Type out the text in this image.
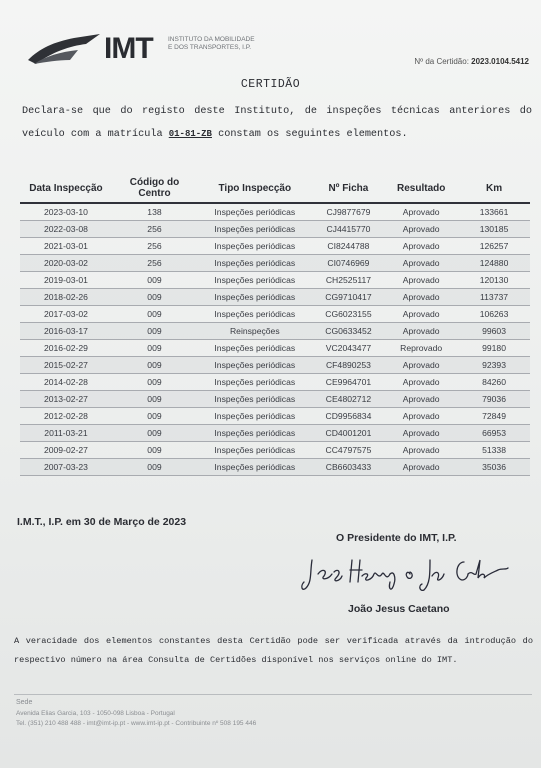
IMT INSTITUTO DA MOBILIDADE E DOS TRANSPORTES, I.P.
Nº da Certidão: 2023.0104.5412
CERTIDÃO
Declara-se que do registo deste Instituto, de inspeções técnicas anteriores do veículo com a matrícula 01-81-ZB constam os seguintes elementos.
Data Inspecção	Código do Centro	Tipo Inspecção	Nº Ficha	Resultado	Km
2023-03-10	138	Inspeções periódicas	CJ9877679	Aprovado	133661
2022-03-08	256	Inspeções periódicas	CJ4415770	Aprovado	130185
2021-03-01	256	Inspeções periódicas	CI8244788	Aprovado	126257
2020-03-02	256	Inspeções periódicas	CI0746969	Aprovado	124880
2019-03-01	009	Inspeções periódicas	CH2525117	Aprovado	120130
2018-02-26	009	Inspeções periódicas	CG9710417	Aprovado	113737
2017-03-02	009	Inspeções periódicas	CG6023155	Aprovado	106263
2016-03-17	009	Reinspeções	CG0633452	Aprovado	99603
2016-02-29	009	Inspeções periódicas	VC2043477	Reprovado	99180
2015-02-27	009	Inspeções periódicas	CF4890253	Aprovado	92393
2014-02-28	009	Inspeções periódicas	CE9964701	Aprovado	84260
2013-02-27	009	Inspeções periódicas	CE4802712	Aprovado	79036
2012-02-28	009	Inspeções periódicas	CD9956834	Aprovado	72849
2011-03-21	009	Inspeções periódicas	CD4001201	Aprovado	66953
2009-02-27	009	Inspeções periódicas	CC4797575	Aprovado	51338
2007-03-23	009	Inspeções periódicas	CB6603433	Aprovado	35036
I.M.T., I.P. em 30 de Março de 2023
O Presidente do IMT, I.P.
João Jesus Caetano
A veracidade dos elementos constantes desta Certidão pode ser verificada através da introdução do respectivo número na área Consulta de Certidões disponível nos serviços online do IMT.
Sede
Avenida Elias Garcia, 103 - 1050-098 Lisboa - Portugal
Tel. (351) 210 488 488 - imt@imt-ip.pt - www.imt-ip.pt - Contribuinte nº 508 195 446
